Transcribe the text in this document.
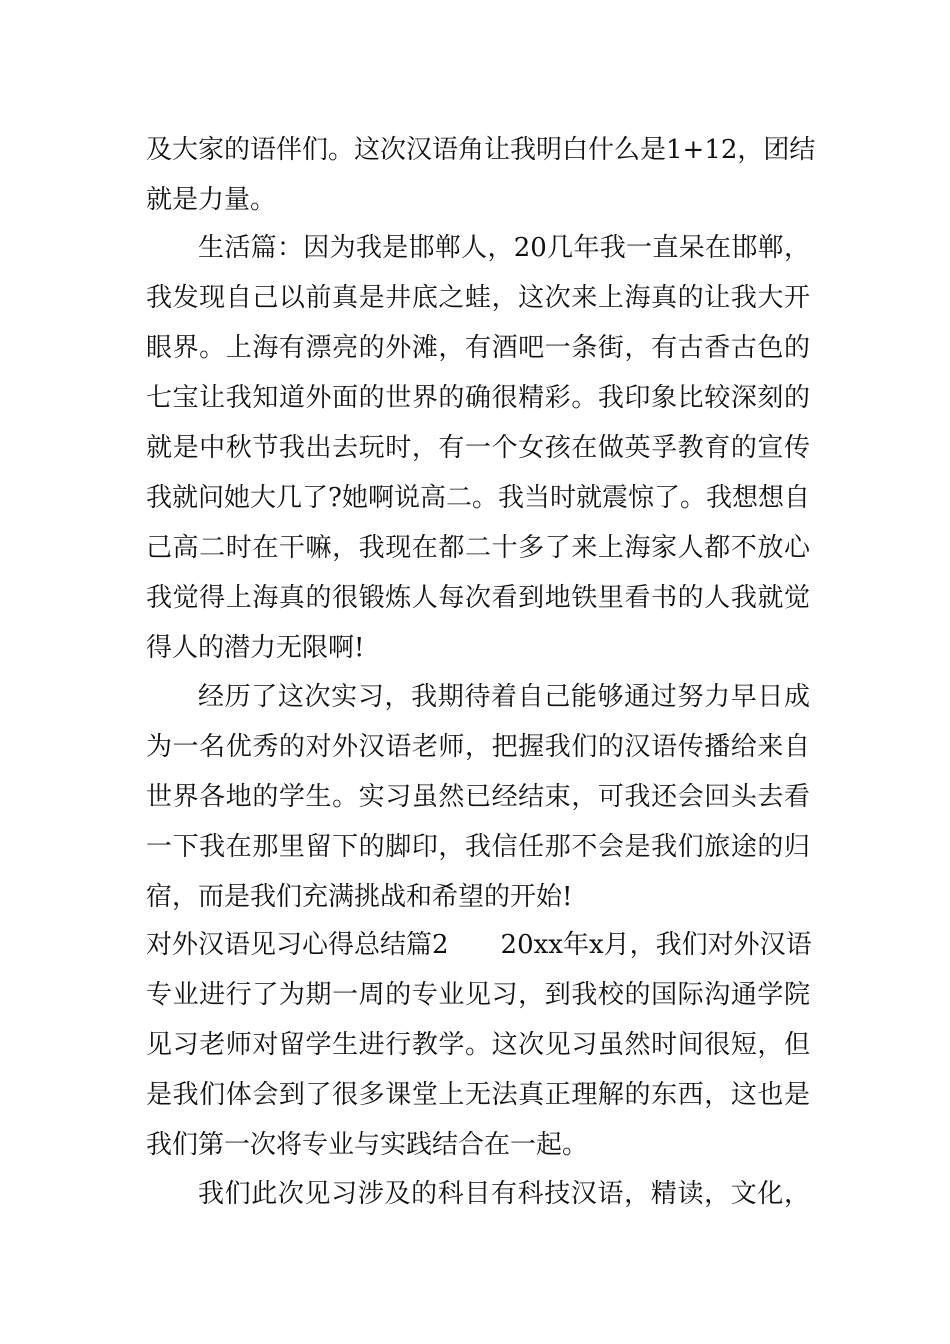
及大家的语伴们。这次汉语角让我明白什么是1+12，团结
就是力量。
生活篇：因为我是邯郸人，20几年我一直呆在邯郸，
我发现自己以前真是井底之蛙，这次来上海真的让我大开
眼界。上海有漂亮的外滩，有酒吧一条街，有古香古色的
七宝让我知道外面的世界的确很精彩。我印象比较深刻的
就是中秋节我出去玩时，有一个女孩在做英孚教育的宣传
我就问她大几了?她啊说高二。我当时就震惊了。我想想自
己高二时在干嘛，我现在都二十多了来上海家人都不放心
我觉得上海真的很锻炼人每次看到地铁里看书的人我就觉
得人的潜力无限啊!
经历了这次实习，我期待着自己能够通过努力早日成
为一名优秀的对外汉语老师，把握我们的汉语传播给来自
世界各地的学生。实习虽然已经结束，可我还会回头去看
一下我在那里留下的脚印，我信任那不会是我们旅途的归
宿，而是我们充满挑战和希望的开始!
对外汉语见习心得总结篇2　　20xx年x月，我们对外汉语
专业进行了为期一周的专业见习，到我校的国际沟通学院
见习老师对留学生进行教学。这次见习虽然时间很短，但
是我们体会到了很多课堂上无法真正理解的东西，这也是
我们第一次将专业与实践结合在一起。
我们此次见习涉及的科目有科技汉语，精读，文化，
